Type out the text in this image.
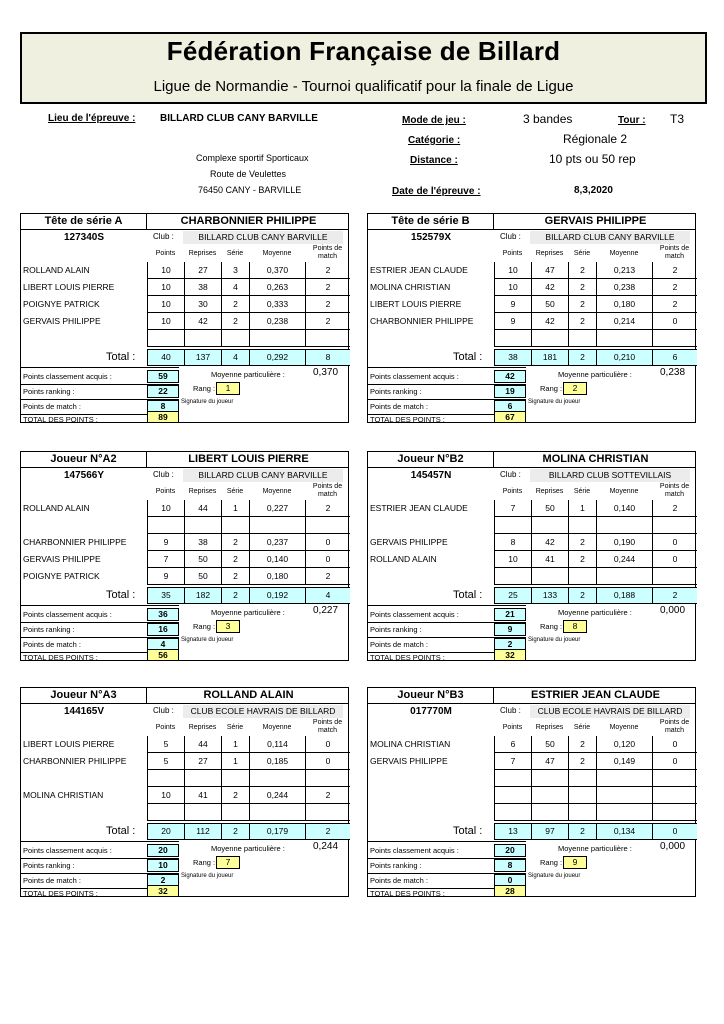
Fédération Française de Billard
Ligue de Normandie - Tournoi qualificatif pour la finale de Ligue
Lieu de l'épreuve : BILLARD CLUB CANY BARVILLE
Complexe sportif Sporticaux
Route de Veulettes
76450 CANY - BARVILLE
Mode de jeu :	3 bandes	Tour : T3
Catégorie :	Régionale 2
Distance :	10 pts ou 50 rep
Date de l'épreuve :	8,3,2020
Tête de série A	CHARBONNIER PHILIPPE
127340S	Club :	BILLARD CLUB CANY BARVILLE
Points	Reprises	Série	Moyenne
Points de match
ROLLAND ALAIN	10	27	3	0,370	2
LIBERT LOUIS PIERRE	10	38	4	0,263	2
POIGNYE PATRICK	10	30	2	0,333	2
GERVAIS PHILIPPE	10	42	2	0,238	2
Total :	40	137	4	0,292	8
Points classement acquis :	59
Points ranking :	22
Points de match :	8
TOTAL DES POINTS :	89
Moyenne particulière :	0,370
Rang :	1
Signature du joueur
Tête de série B	GERVAIS PHILIPPE
152579X	Club :	BILLARD CLUB CANY BARVILLE
Points	Reprises	Série	Moyenne
Points de match
ESTRIER JEAN CLAUDE	10	47	2	0,213	2
MOLINA CHRISTIAN	10	42	2	0,238	2
LIBERT LOUIS PIERRE	9	50	2	0,180	2
CHARBONNIER PHILIPPE	9	42	2	0,214	0
Total :	38	181	2	0,210	6
Points classement acquis :	42
Points ranking :	19
Points de match :	6
TOTAL DES POINTS :	67
Moyenne particulière :	0,238
Rang :	2
Signature du joueur
Joueur N°A2	LIBERT LOUIS PIERRE
147566Y	Club :	BILLARD CLUB CANY BARVILLE
Points	Reprises	Série	Moyenne
Points de match
ROLLAND ALAIN	10	44	1	0,227	2
CHARBONNIER PHILIPPE	9	38	2	0,237	0
GERVAIS PHILIPPE	7	50	2	0,140	0
POIGNYE PATRICK	9	50	2	0,180	2
Total :	35	182	2	0,192	4
Points classement acquis :	36
Points ranking :	16
Points de match :	4
TOTAL DES POINTS :	56
Moyenne particulière :	0,227
Rang :	3
Signature du joueur
Joueur N°B2	MOLINA CHRISTIAN
145457N	Club :	BILLARD CLUB SOTTEVILLAIS
Points	Reprises	Série	Moyenne
Points de match
ESTRIER JEAN CLAUDE	7	50	1	0,140	2
GERVAIS PHILIPPE	8	42	2	0,190	0
ROLLAND ALAIN	10	41	2	0,244	0
Total :	25	133	2	0,188	2
Points classement acquis :	21
Points ranking :	9
Points de match :	2
TOTAL DES POINTS :	32
Moyenne particulière :	0,000
Rang :	8
Signature du joueur
Joueur N°A3	ROLLAND ALAIN
144165V	Club :	CLUB ECOLE HAVRAIS DE BILLARD
Points	Reprises	Série	Moyenne
Points de match
LIBERT LOUIS PIERRE	5	44	1	0,114	0
CHARBONNIER PHILIPPE	5	27	1	0,185	0
MOLINA CHRISTIAN	10	41	2	0,244	2
Total :	20	112	2	0,179	2
Points classement acquis :	20
Points ranking :	10
Points de match :	2
TOTAL DES POINTS :	32
Moyenne particulière :	0,244
Rang :	7
Signature du joueur
Joueur N°B3	ESTRIER JEAN CLAUDE
017770M	Club :	CLUB ECOLE HAVRAIS DE BILLARD
Points	Reprises	Série	Moyenne
Points de match
MOLINA CHRISTIAN	6	50	2	0,120	0
GERVAIS PHILIPPE	7	47	2	0,149	0
Total :	13	97	2	0,134	0
Points classement acquis :	20
Points ranking :	8
Points de match :	0
TOTAL DES POINTS :	28
Moyenne particulière :	0,000
Rang :	9
Signature du joueur
